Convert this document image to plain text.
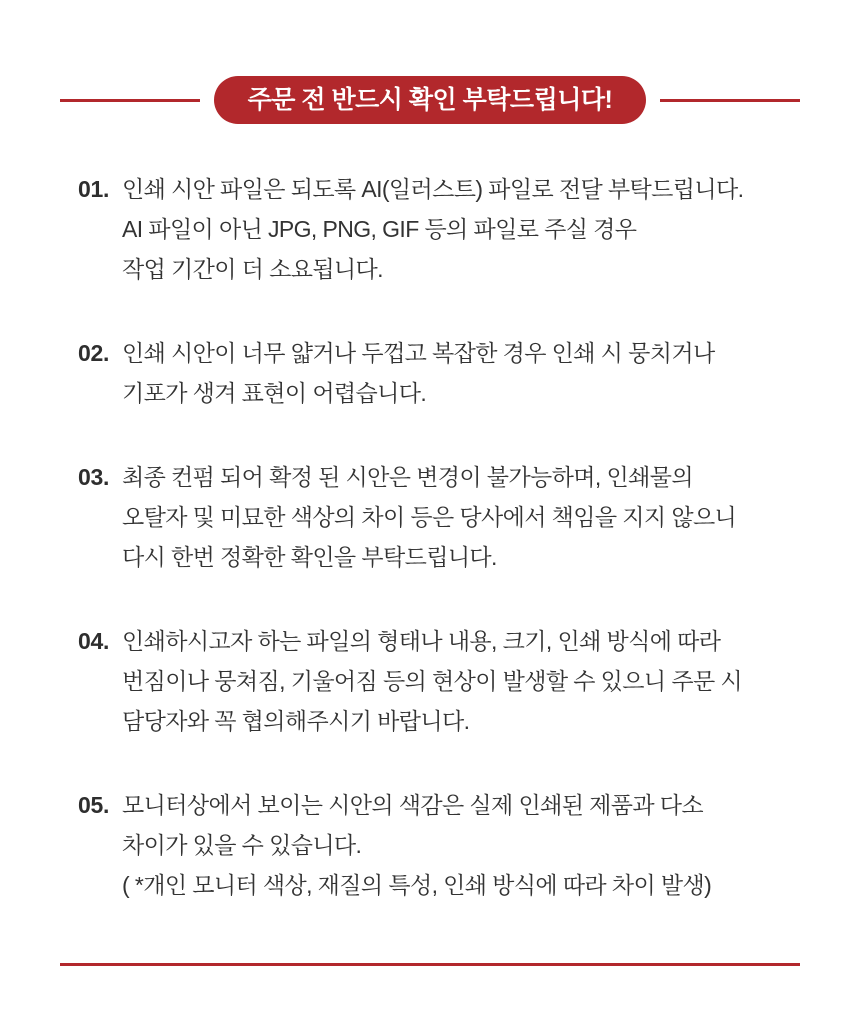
주문 전 반드시 확인 부탁드립니다!
01. 인쇄 시안 파일은 되도록 AI(일러스트) 파일로 전달 부탁드립니다.

AI 파일이 아닌 JPG, PNG, GIF 등의 파일로 주실 경우

작업 기간이 더 소요됩니다.

02. 인쇄 시안이 너무 얇거나 두껍고 복잡한 경우 인쇄 시 뭉치거나

기포가 생겨 표현이 어렵습니다.

03. 최종 컨펌 되어 확정 된 시안은 변경이 불가능하며, 인쇄물의

오탈자 및 미묘한 색상의 차이 등은 당사에서 책임을 지지 않으니

다시 한번 정확한 확인을 부탁드립니다.

04. 인쇄하시고자 하는 파일의 형태나 내용, 크기, 인쇄 방식에 따라

번짐이나 뭉쳐짐, 기울어짐 등의 현상이 발생할 수 있으니 주문 시

담당자와 꼭 협의해주시기 바랍니다.

05. 모니터상에서 보이는 시안의 색감은 실제 인쇄된 제품과 다소

차이가 있을 수 있습니다.

( *개인 모니터 색상, 재질의 특성, 인쇄 방식에 따라 차이 발생)
